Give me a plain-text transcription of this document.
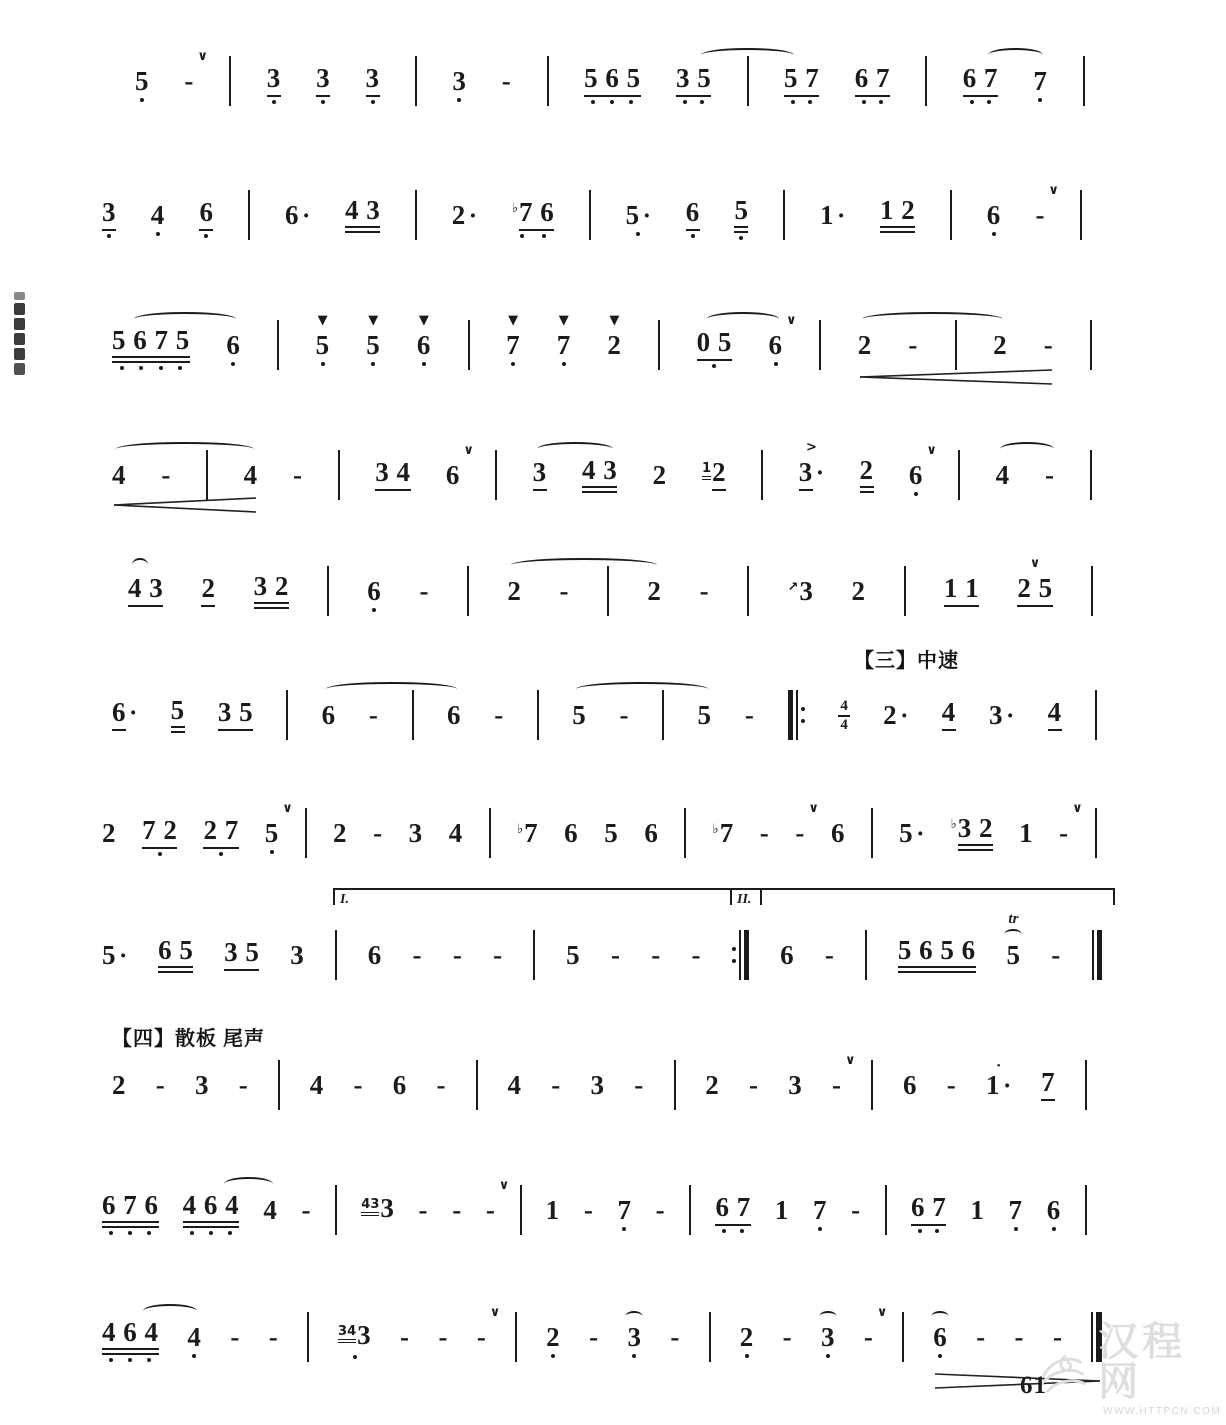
5 -
∨
3 3 3	3 -	5 6 5 3 5	5 7 6 7	6 7 7
3 4 6	6 · 4 3	2 ·	♭7 6	5 · 6 5	1 · 1 2	6 -
∨
5 6 7 5 6	5
▼
5
▼
6
▼
7
▼
7
▼
2
▼
0 5 6
∨
2 -	2 -
4 -	4 -	3 4 6
∨
3 4 3 2	12	3 ·
>
2 6
∨
4 -
4 3 2 3 2	6 -	2 -	2 -	↗3 2	1 1 2 5
∨
6 · 5 3 5	6 -	6 -	5 -	5 -	$\frac{4}{4} 2 \cdot 4$ 3 · 4
【三】中速
2 7 2 2 7 5
∨
2 - 3 4	♭7 6 5 6	♭7 - -
∨
6 5 · ♭3 2 1 -
∨
5 · 6 5 3 5 3 6 - - - 5 - - -	6 - 5 6 5 6 5
tr
-
I.	II.
2 - 3 - 4 - 6 - 4 - 3 - 2 - 3 -
∨
6 - 1 ·
•
7
【四】散板 尾声
6 7 6 4 6 4 4 -	433 - - -
∨
1 - 7 - 6 7 1 7 - 6 7 1 7 6
4 6 4 4 - -	343 - - -
∨
2 - 3 - 2 - 3 -
∨
6 - - - 汉程网
WWW.HTTPCN.COM
61
